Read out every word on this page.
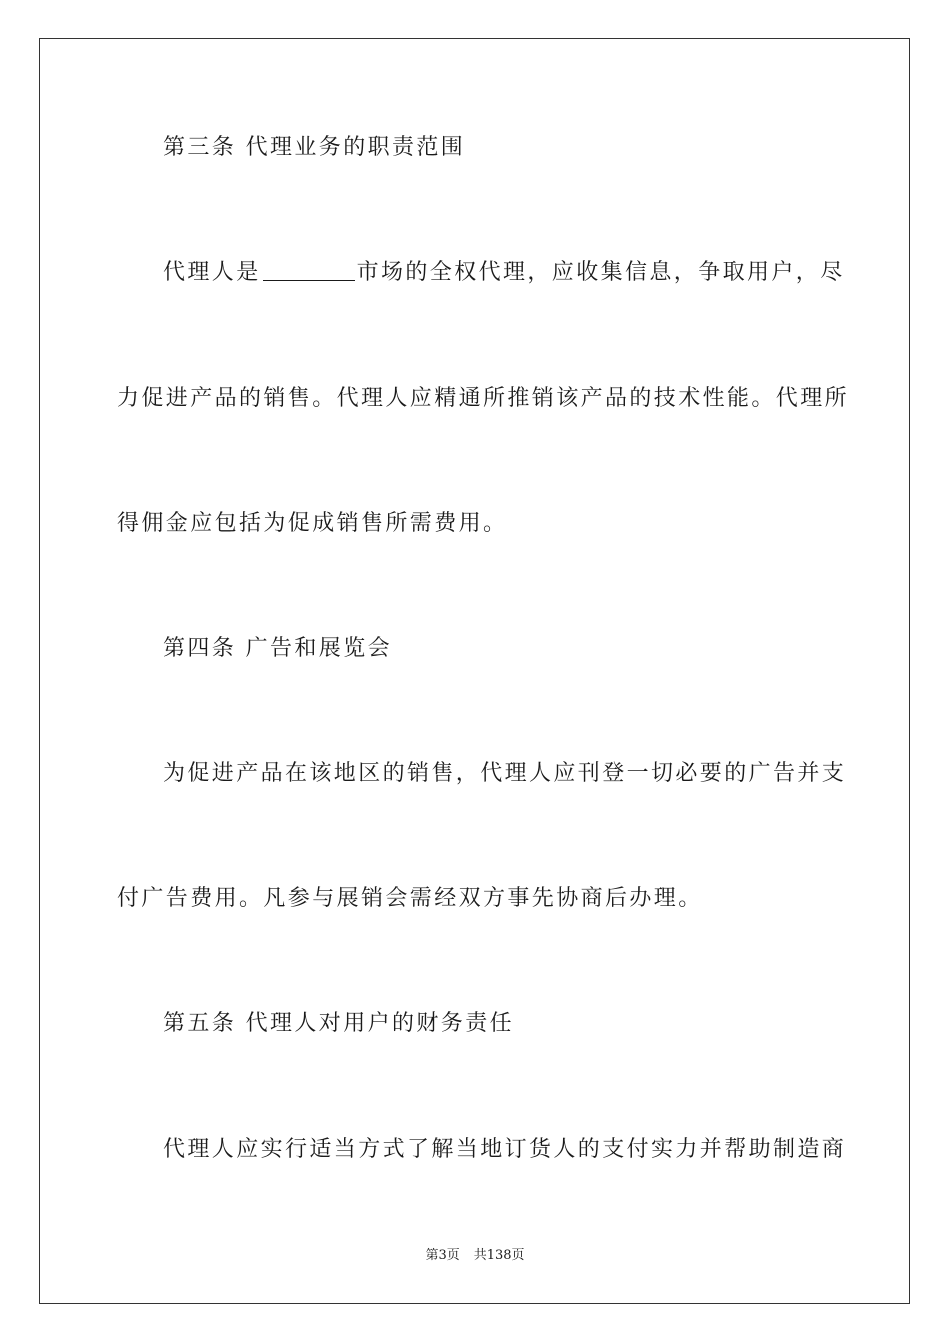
第三条 代理业务的职责范围
代理人是	市场的全权代理，应收集信息，争取用户，尽
力促进产品的销售。代理人应精通所推销该产品的技术性能。代理所
得佣金应包括为促成销售所需费用。
第四条 广告和展览会
为促进产品在该地区的销售，代理人应刊登一切必要的广告并支
付广告费用。凡参与展销会需经双方事先协商后办理。
第五条 代理人对用户的财务责任
代理人应实行适当方式了解当地订货人的支付实力并帮助制造商
第3页 共138页
